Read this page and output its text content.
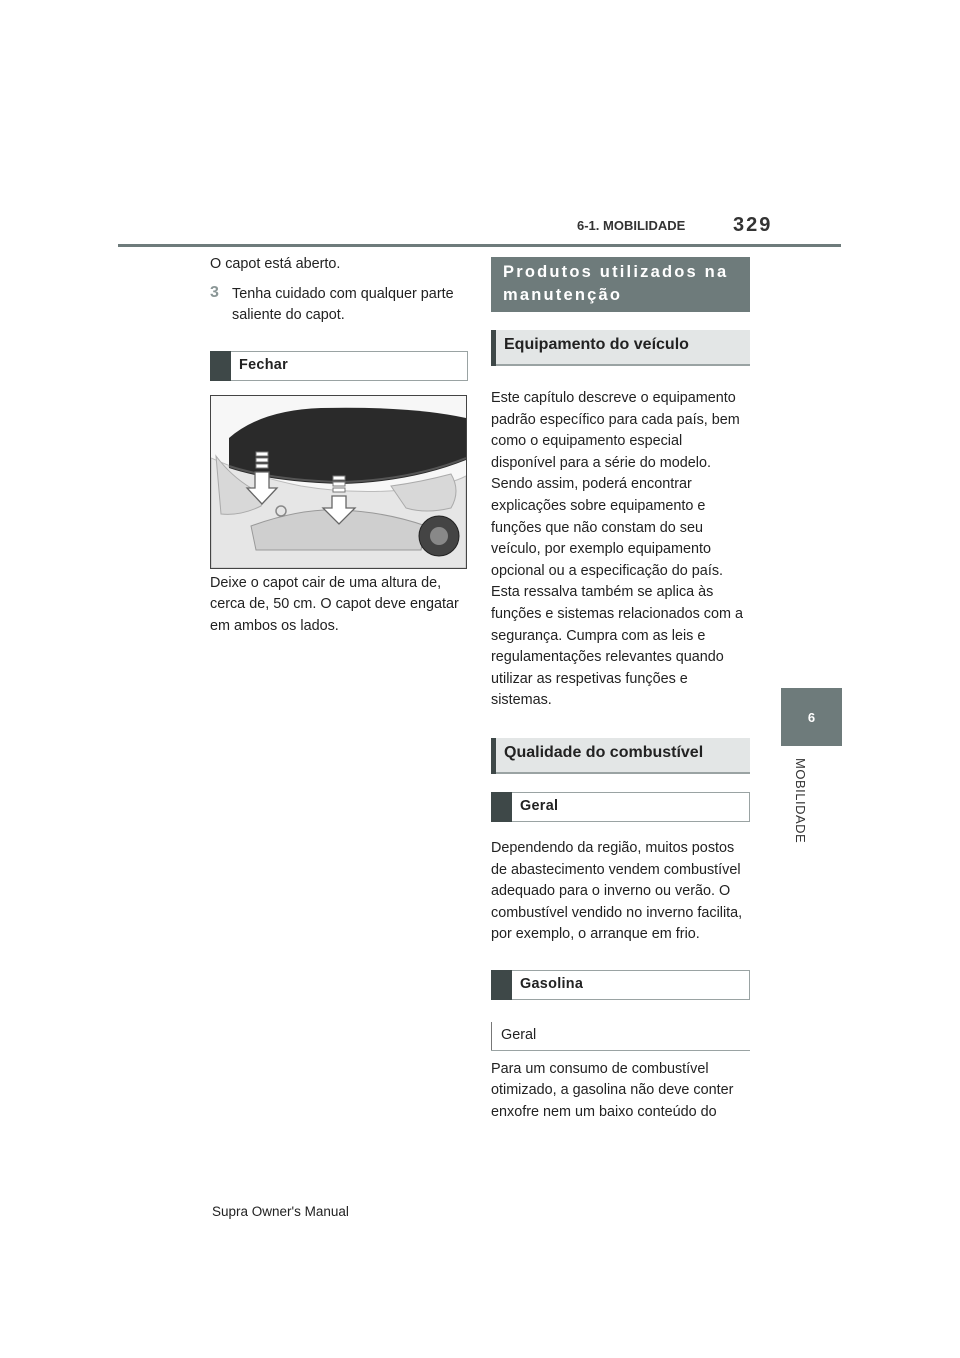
6-1. MOBILIDADE 329
6
MOBILIDADE

O capot está aberto.

3 Tenha cuidado com qualquer parte saliente do capot.

Fechar

Deixe o capot cair de uma altura de, cerca de, 50 cm. O capot deve engatar em ambos os lados.

Produtos utilizados na
manutenção
Equipamento do veículo

Este capítulo descreve o equipamento padrão específico para cada país, bem como o equipamento especial disponível para a série do modelo. Sendo assim, poderá encontrar explicações sobre equipamento e funções que não constam do seu veículo, por exemplo equipamento opcional ou a especificação do país. Esta ressalva também se aplica às funções e sistemas relacionados com a segurança. Cumpra com as leis e regulamentações relevantes quando utilizar as respetivas funções e sistemas.

Qualidade do combustível
Geral

Dependendo da região, muitos postos de abastecimento vendem combustível adequado para o inverno ou verão. O combustível vendido no inverno facilita, por exemplo, o arranque em frio.

Gasolina
Geral

Para um consumo de combustível otimizado, a gasolina não deve conter enxofre nem um baixo conteúdo do

Supra Owner's Manual
